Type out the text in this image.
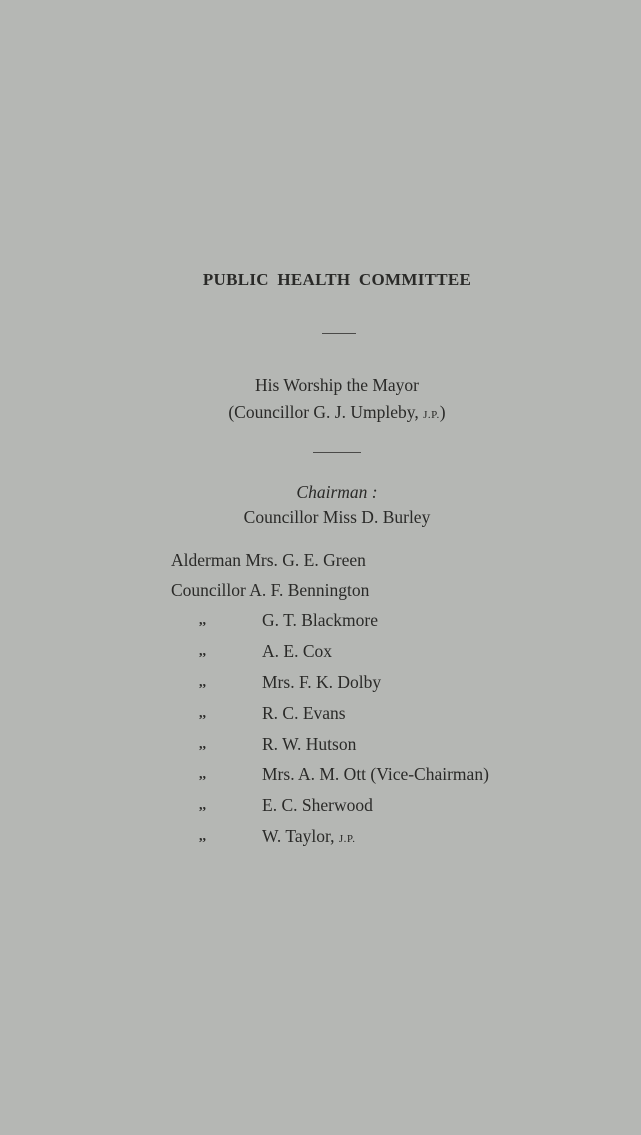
PUBLIC HEALTH COMMITTEE
His Worship the Mayor
(Councillor G. J. Umpleby, J.P.)
Chairman :
Councillor Miss D. Burley
Alderman Mrs. G. E. Green
Councillor A. F. Bennington
,,	G. T. Blackmore
,,	A. E. Cox
,,	Mrs. F. K. Dolby
,,	R. C. Evans
,,	R. W. Hutson
,,	Mrs. A. M. Ott (Vice-Chairman)
,,	E. C. Sherwood
,,	W. Taylor, J.P.
